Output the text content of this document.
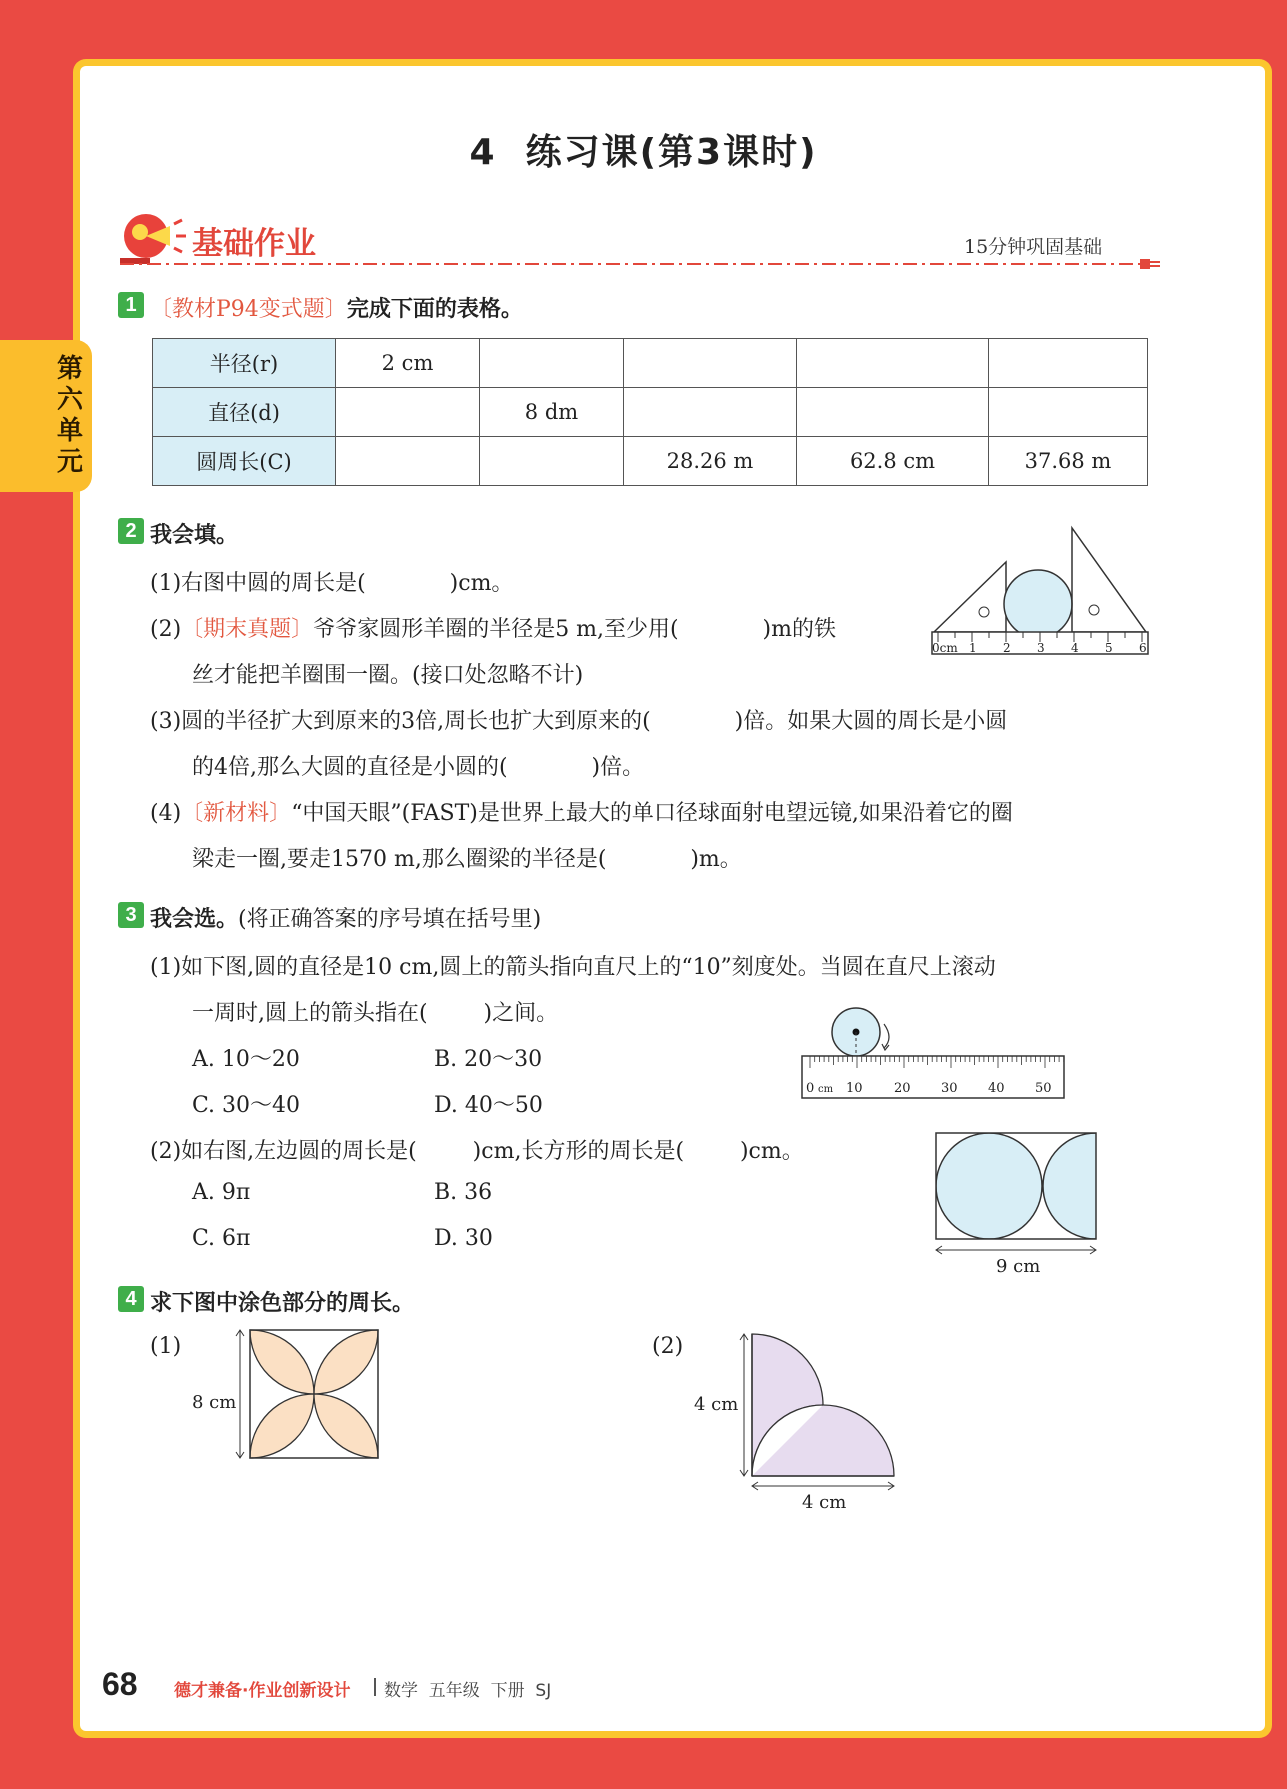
第六单元
4  练习课(第3课时)
基础作业	15分钟巩固基础
1 〔教材P94变式题〕完成下面的表格。
半径(r)	2 cm				
直径(d)		8 dm			
圆周长(C)			28.26 m	62.8 cm	37.68 m
2 我会填。
(1)右图中圆的周长是(            )cm。
(2)〔期末真题〕爷爷家圆形羊圈的半径是5 m,至少用(            )m的铁
丝才能把羊圈围一圈。(接口处忽略不计)
(3)圆的半径扩大到原来的3倍,周长也扩大到原来的(            )倍。如果大圆的周长是小圆
的4倍,那么大圆的直径是小圆的(            )倍。
(4)〔新材料〕“中国天眼”(FAST)是世界上最大的单口径球面射电望远镜,如果沿着它的圈
梁走一圈,要走1570 m,那么圈梁的半径是(            )m。
0cm 1 2 3 4 5 6
3 我会选。(将正确答案的序号填在括号里)
(1)如下图,圆的直径是10 cm,圆上的箭头指向直尺上的“10”刻度处。当圆在直尺上滚动
一周时,圆上的箭头指在(        )之间。
A. 10～20	B. 20～30
C. 30～40	D. 40～50
0 cm 10 20 30 40 50
(2)如右图,左边圆的周长是(        )cm,长方形的周长是(        )cm。
A. 9π	B. 36
C. 6π	D. 30
9 cm
4 求下图中涂色部分的周长。
(1)
8 cm
(2)
4 cm
4 cm
68 德才兼备·作业创新设计 数学  五年级  下册  SJ
